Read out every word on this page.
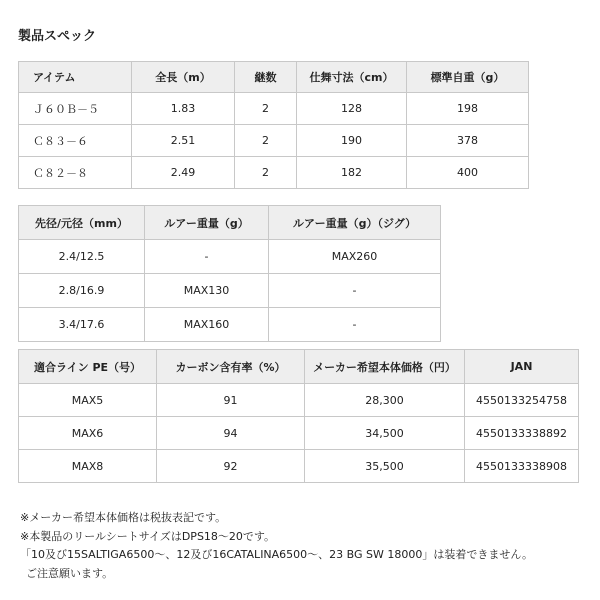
製品スペック
アイテム	全長（m）	継数	仕舞寸法（cm）	標準自重（g）
Ｊ６０Ｂ－５	1.83	2	128	198
Ｃ８３－６	2.51	2	190	378
Ｃ８２－８	2.49	2	182	400
先径/元径（mm）	ルアー重量（g）	ルアー重量（g）（ジグ）
2.4/12.5	-	MAX260
2.8/16.9	MAX130	-
3.4/17.6	MAX160	-
適合ライン PE（号）	カーボン含有率（%）	メーカー希望本体価格（円）	JAN
MAX5	91	28,300	4550133254758
MAX6	94	34,500	4550133338892
MAX8	92	35,500	4550133338908
※メーカー希望本体価格は税抜表記です。
※本製品のリールシートサイズはDPS18～20です。
「10及び15SALTIGA6500～、12及び16CATALINA6500～、23 BG SW 18000」は装着できません。
ご注意願います。
